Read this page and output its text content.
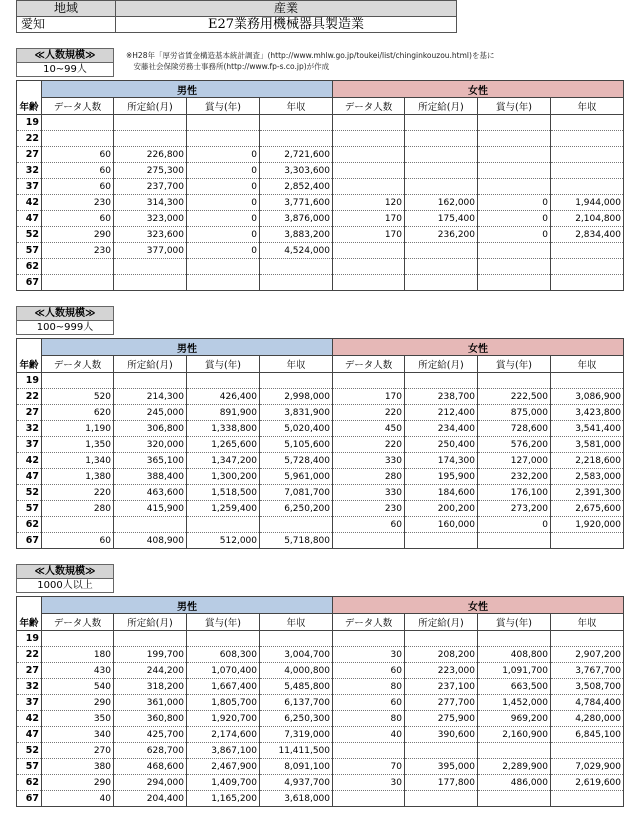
地域	産業
愛知	E27業務用機械器具製造業
※H28年「厚労省賃金構造基本統計調査」(http://www.mhlw.go.jp/toukei/list/chinginkouzou.html)を基に
　安藤社会保険労務士事務所(http://www.fp-s.co.jp)が作成
≪人数規模≫
10~99人
	男性				女性			
年齢	データ人数	所定給(月)	賞与(年)	年収	データ人数	所定給(月)	賞与(年)	年収
19								
22								
27	60	226,800	0	2,721,600				
32	60	275,300	0	3,303,600				
37	60	237,700	0	2,852,400				
42	230	314,300	0	3,771,600	120	162,000	0	1,944,000
47	60	323,000	0	3,876,000	170	175,400	0	2,104,800
52	290	323,600	0	3,883,200	170	236,200	0	2,834,400
57	230	377,000	0	4,524,000				
62								
67								
≪人数規模≫
100~999人
	男性				女性			
年齢	データ人数	所定給(月)	賞与(年)	年収	データ人数	所定給(月)	賞与(年)	年収
19								
22	520	214,300	426,400	2,998,000	170	238,700	222,500	3,086,900
27	620	245,000	891,900	3,831,900	220	212,400	875,000	3,423,800
32	1,190	306,800	1,338,800	5,020,400	450	234,400	728,600	3,541,400
37	1,350	320,000	1,265,600	5,105,600	220	250,400	576,200	3,581,000
42	1,340	365,100	1,347,200	5,728,400	330	174,300	127,000	2,218,600
47	1,380	388,400	1,300,200	5,961,000	280	195,900	232,200	2,583,000
52	220	463,600	1,518,500	7,081,700	330	184,600	176,100	2,391,300
57	280	415,900	1,259,400	6,250,200	230	200,200	273,200	2,675,600
62					60	160,000	0	1,920,000
67	60	408,900	512,000	5,718,800				
≪人数規模≫
1000人以上
	男性				女性			
年齢	データ人数	所定給(月)	賞与(年)	年収	データ人数	所定給(月)	賞与(年)	年収
19								
22	180	199,700	608,300	3,004,700	30	208,200	408,800	2,907,200
27	430	244,200	1,070,400	4,000,800	60	223,000	1,091,700	3,767,700
32	540	318,200	1,667,400	5,485,800	80	237,100	663,500	3,508,700
37	290	361,000	1,805,700	6,137,700	60	277,700	1,452,000	4,784,400
42	350	360,800	1,920,700	6,250,300	80	275,900	969,200	4,280,000
47	340	425,700	2,174,600	7,319,000	40	390,600	2,160,900	6,845,100
52	270	628,700	3,867,100	11,411,500				
57	380	468,600	2,467,900	8,091,100	70	395,000	2,289,900	7,029,900
62	290	294,000	1,409,700	4,937,700	30	177,800	486,000	2,619,600
67	40	204,400	1,165,200	3,618,000				
